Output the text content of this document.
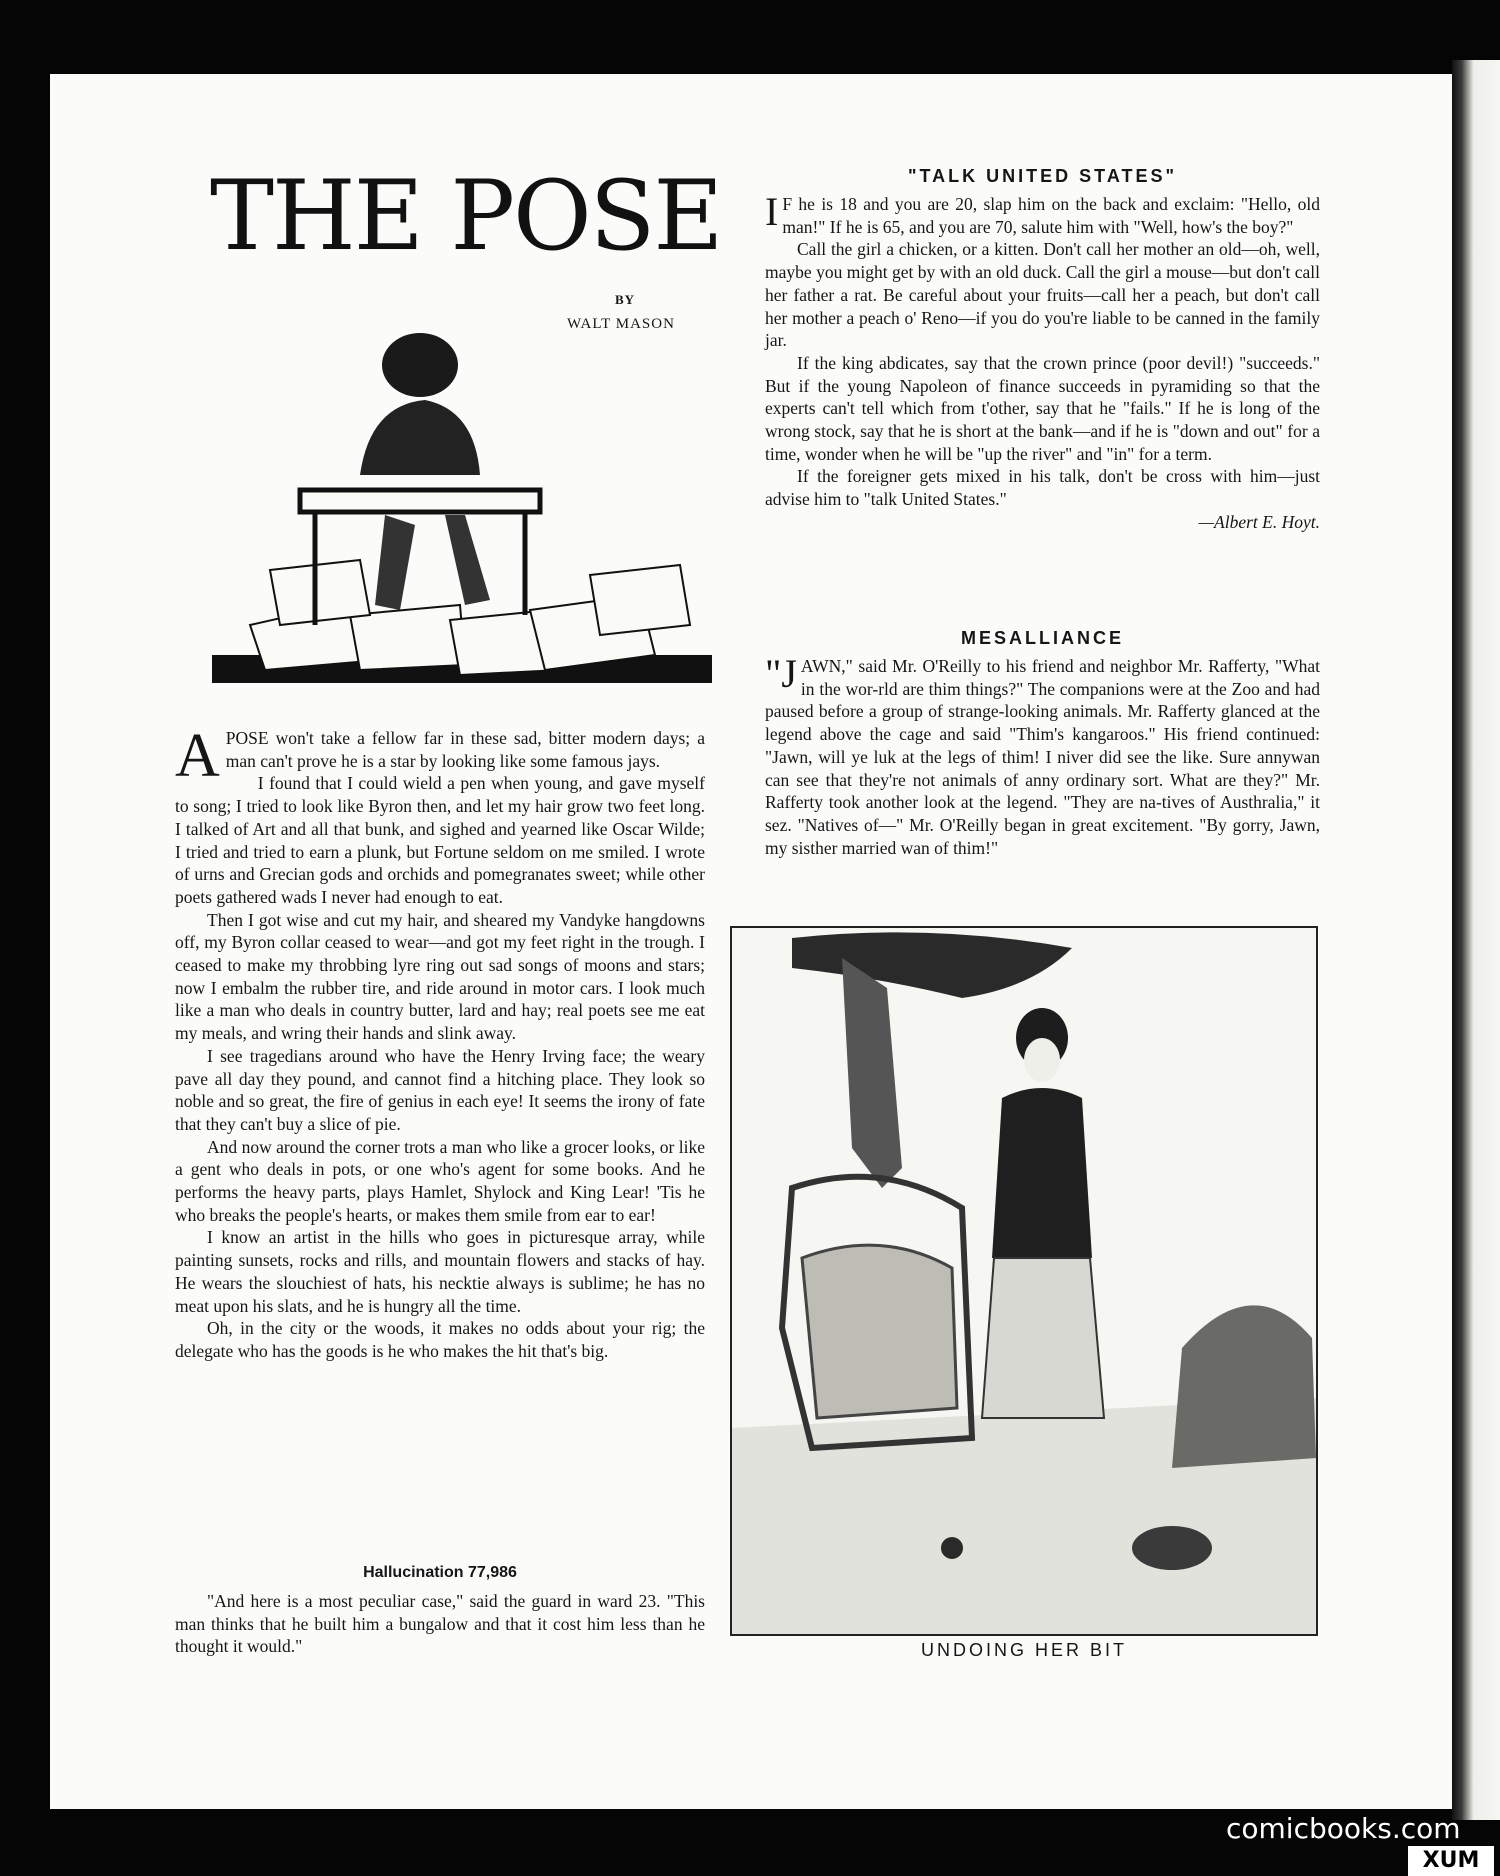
THE POSE
BY
WALT MASON

APOSE won't take a fellow far in these sad, bitter modern days; a man can't prove he is a star by looking like some famous jays.

I found that I could wield a pen when young, and gave myself to song; I tried to look like Byron then, and let my hair grow two feet long. I talked of Art and all that bunk, and sighed and yearned like Oscar Wilde; I tried and tried to earn a plunk, but Fortune seldom on me smiled. I wrote of urns and Grecian gods and orchids and pomegranates sweet; while other poets gathered wads I never had enough to eat.

Then I got wise and cut my hair, and sheared my Vandyke hangdowns off, my Byron collar ceased to wear—and got my feet right in the trough. I ceased to make my throbbing lyre ring out sad songs of moons and stars; now I embalm the rubber tire, and ride around in motor cars. I look much like a man who deals in country butter, lard and hay; real poets see me eat my meals, and wring their hands and slink away.

I see tragedians around who have the Henry Irving face; the weary pave all day they pound, and cannot find a hitching place. They look so noble and so great, the fire of genius in each eye! It seems the irony of fate that they can't buy a slice of pie.

And now around the corner trots a man who like a grocer looks, or like a gent who deals in pots, or one who's agent for some books. And he performs the heavy parts, plays Hamlet, Shylock and King Lear! 'Tis he who breaks the people's hearts, or makes them smile from ear to ear!

I know an artist in the hills who goes in picturesque array, while painting sunsets, rocks and rills, and mountain flowers and stacks of hay. He wears the slouchiest of hats, his necktie always is sublime; he has no meat upon his slats, and he is hungry all the time.

Oh, in the city or the woods, it makes no odds about your rig; the delegate who has the goods is he who makes the hit that's big.

Hallucination 77,986

"And here is a most peculiar case," said the guard in ward 23. "This man thinks that he built him a bungalow and that it cost him less than he thought it would."

"TALK UNITED STATES"

I F he is 18 and you are 20, slap him on the back and exclaim: "Hello, old man!" If he is 65, and you are 70, salute him with "Well, how's the boy?"

Call the girl a chicken, or a kitten. Don't call her mother an old—oh, well, maybe you might get by with an old duck. Call the girl a mouse—but don't call her father a rat. Be careful about your fruits—call her a peach, but don't call her mother a peach o' Reno—if you do you're liable to be canned in the family jar.

If the king abdicates, say that the crown prince (poor devil!) "succeeds." But if the young Napoleon of finance succeeds in pyramiding so that the experts can't tell which from t'other, say that he "fails." If he is long of the wrong stock, say that he is short at the bank—and if he is "down and out" for a time, wonder when he will be "up the river" and "in" for a term.

If the foreigner gets mixed in his talk, don't be cross with him—just advise him to "talk United States."

—Albert E. Hoyt.

MESALLIANCE

"JAWN," said Mr. O'Reilly to his friend and neighbor Mr. Rafferty, "What in the wor-rld are thim things?" The companions were at the Zoo and had paused before a group of strange-looking animals. Mr. Rafferty glanced at the legend above the cage and said "Thim's kangaroos." His friend continued: "Jawn, will ye luk at the legs of thim! I niver did see the like. Sure annywan can see that they're not animals of anny ordinary sort. What are they?" Mr. Rafferty took another look at the legend. "They are na-tives of Austhralia," it sez. "Natives of—" Mr. O'Reilly began in great excitement. "By gorry, Jawn, my sisther married wan of thim!"

UNDOING HER BIT
comicbooks.com
XUM
